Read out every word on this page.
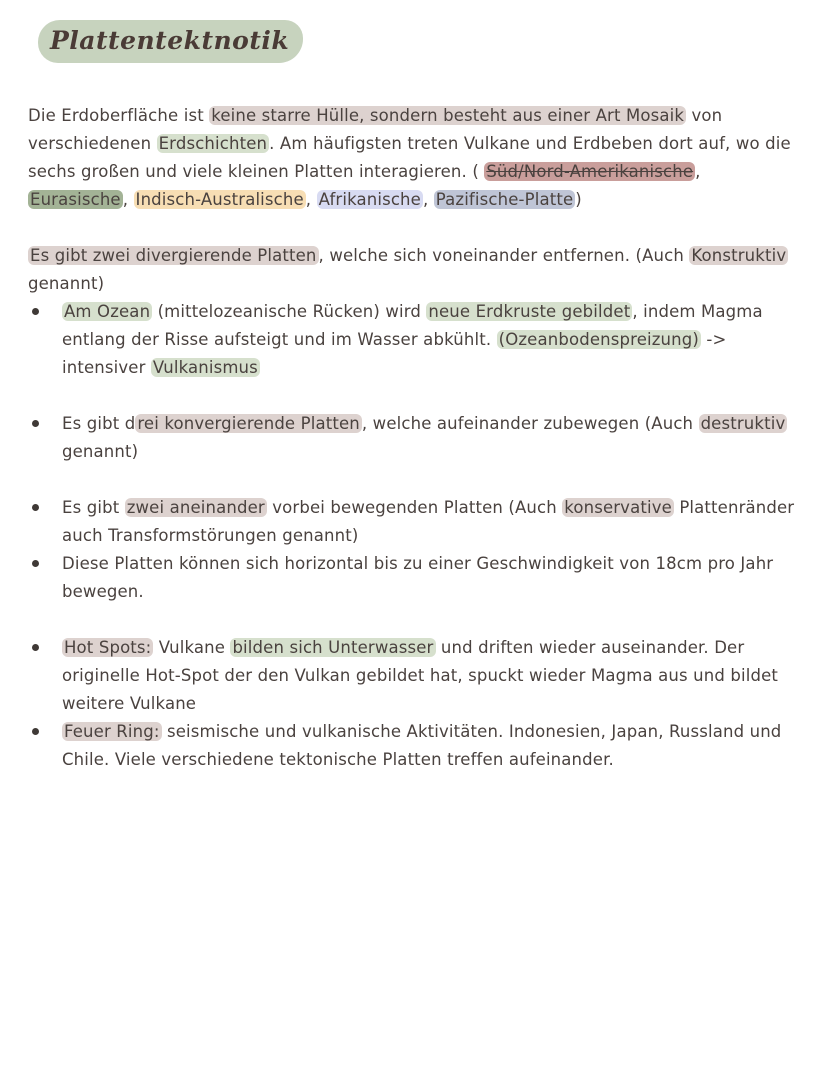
Plattentektnotik

Die Erdoberfläche ist keine starre Hülle, sondern besteht aus einer Art Mosaik von verschiedenen Erdschichten . Am häufigsten treten Vulkane und Erdbeben dort auf, wo die sechs großen und viele kleinen Platten interagieren. ( Süd/Nord-Amerikanische , Eurasische , Indisch-Australische , Afrikanische , Pazifische-Platte )

Es gibt zwei divergierende Platten , welche sich voneinander entfernen. (Auch Konstruktiv genannt)

Am Ozean (mittelozeanische Rücken) wird neue Erdkruste gebildet , indem Magma entlang der Risse aufsteigt und im Wasser abkühlt. (Ozeanbodenspreizung) -> intensiver Vulkanismus
Es gibt d rei konvergierende Platten , welche aufeinander zubewegen (Auch destruktiv genannt)
Es gibt zwei aneinander vorbei bewegenden Platten (Auch konservative Plattenränder auch Transformstörungen genannt)
Diese Platten können sich horizontal bis zu einer Geschwindigkeit von 18cm pro Jahr bewegen.
Hot Spots: Vulkane bilden sich Unterwasser und driften wieder auseinander. Der originelle Hot-Spot der den Vulkan gebildet hat, spuckt wieder Magma aus und bildet weitere Vulkane
Feuer Ring: seismische und vulkanische Aktivitäten. Indonesien, Japan, Russland und Chile. Viele verschiedene tektonische Platten treffen aufeinander.
